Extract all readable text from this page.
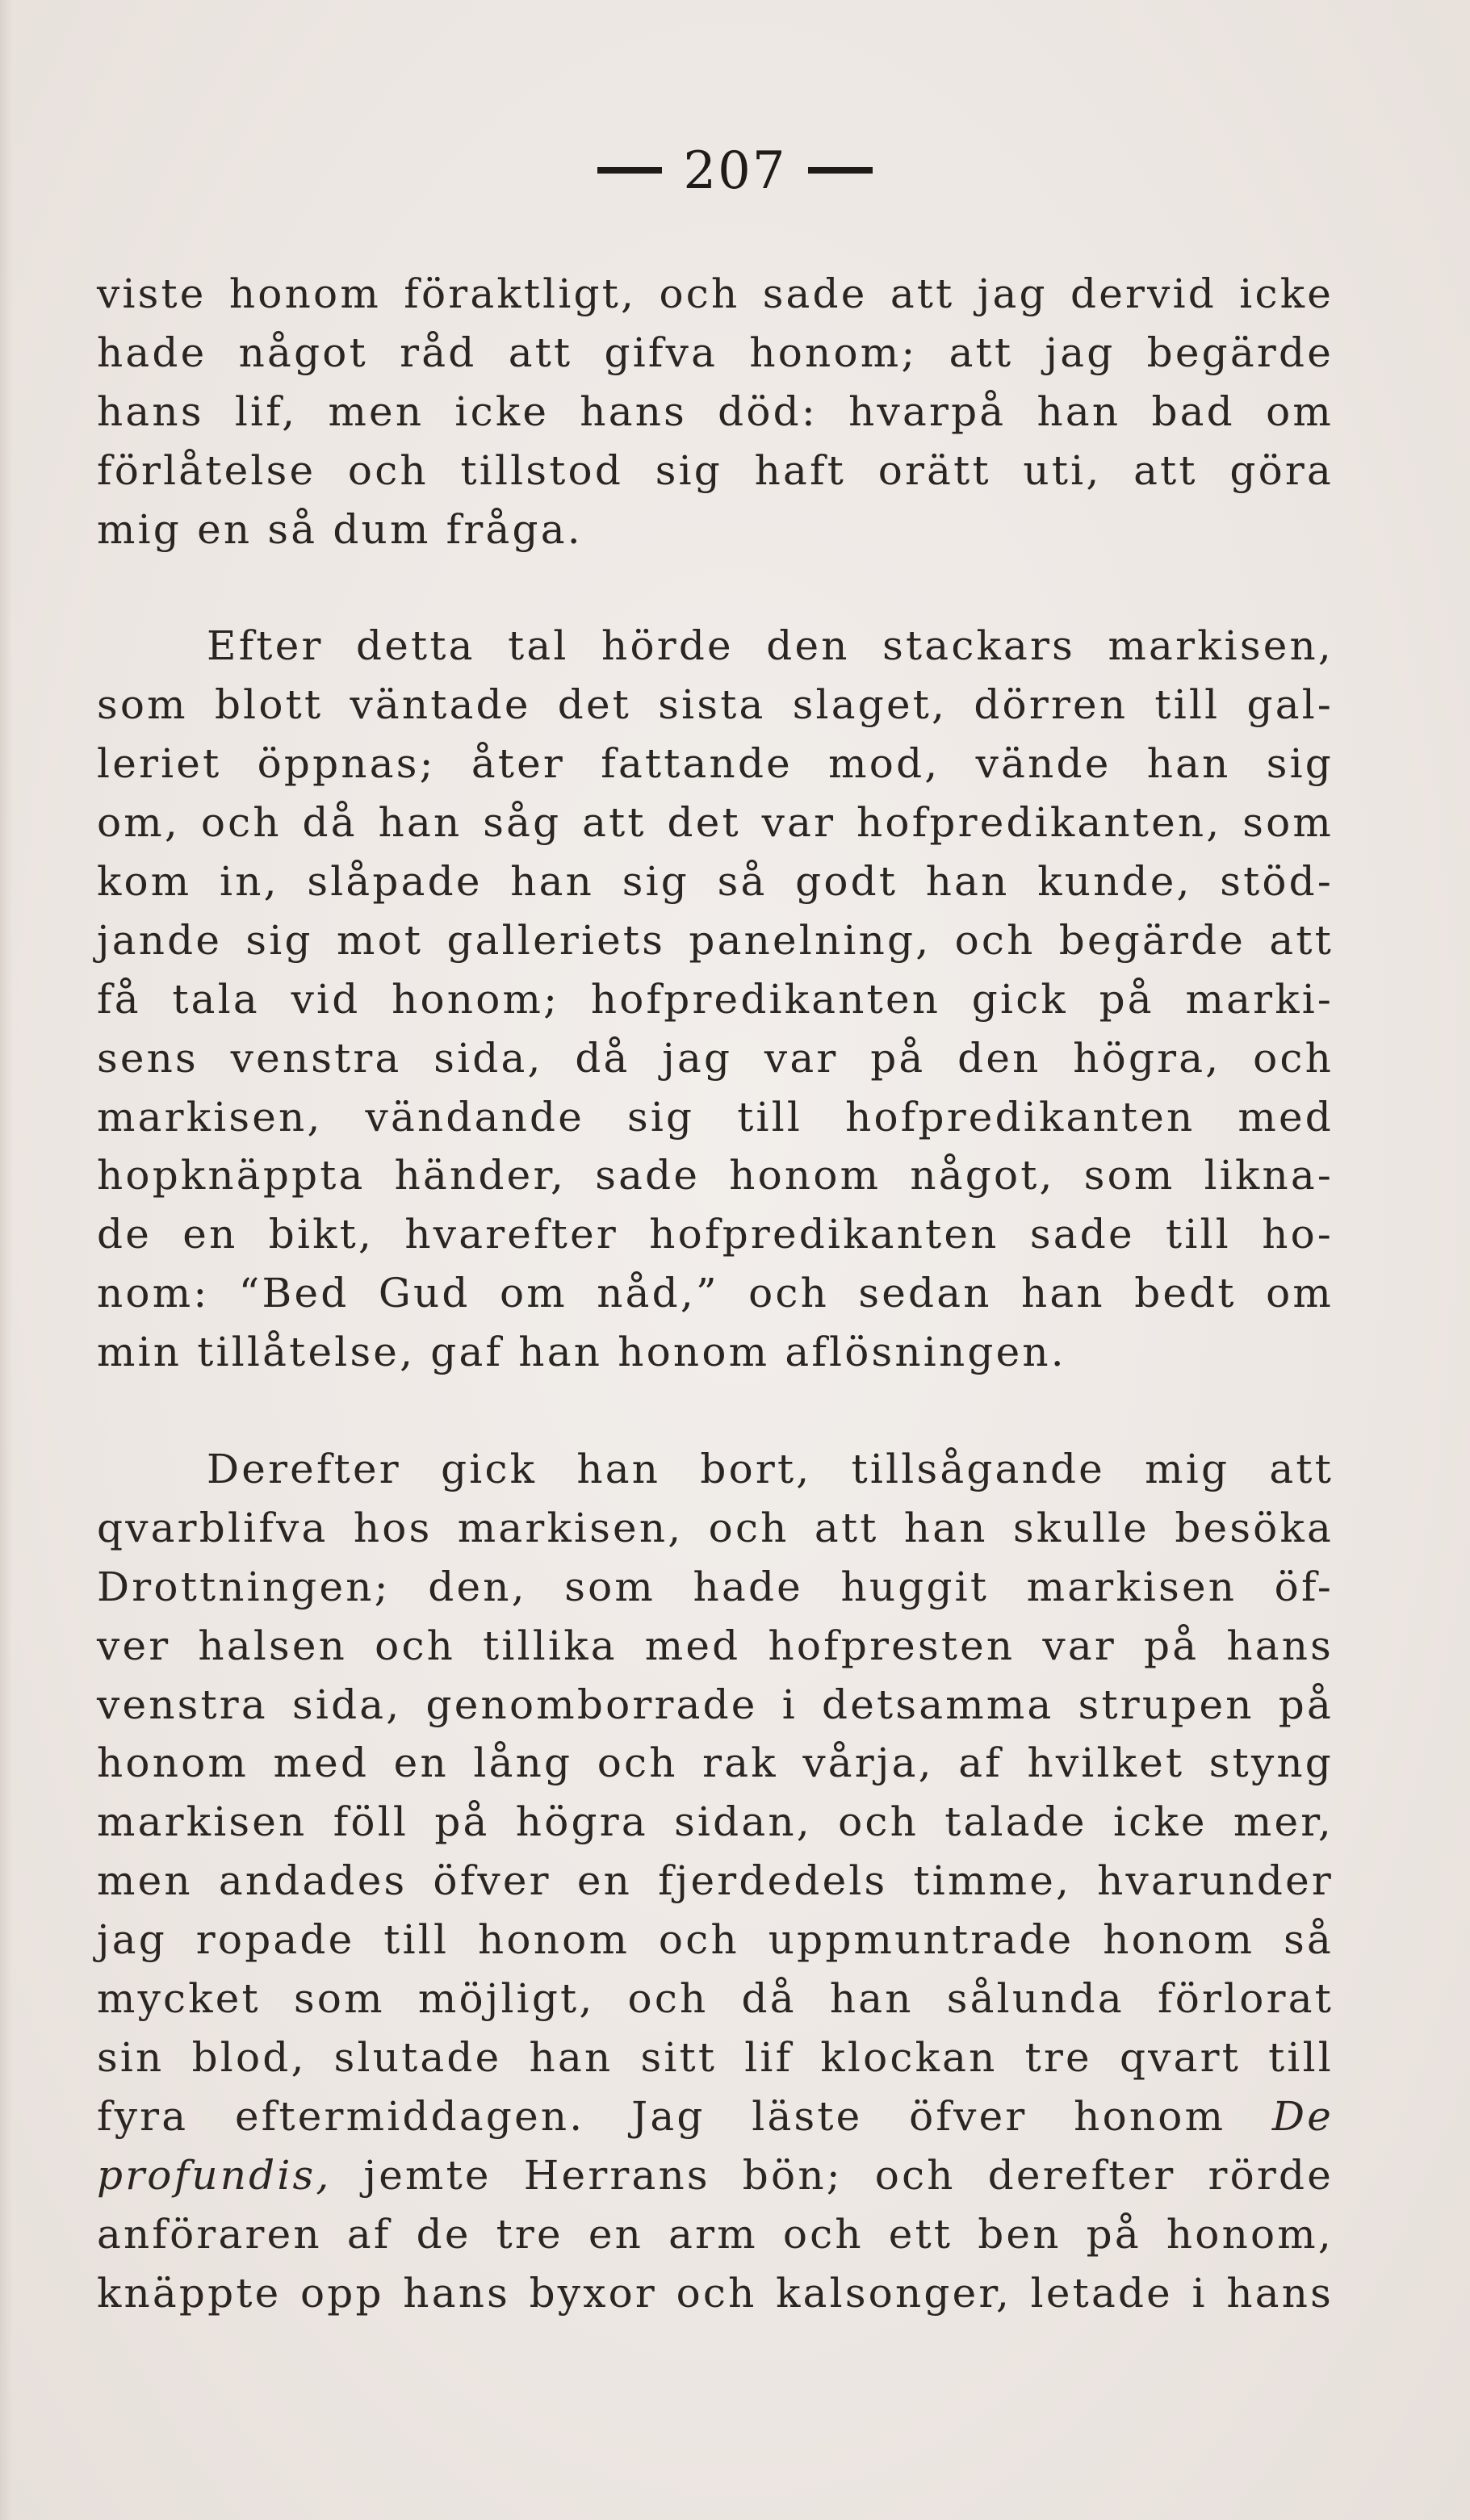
207
viste honom föraktligt, och sade att jag dervid icke
hade något råd att gifva honom; att jag begärde
hans lif, men icke hans död: hvarpå han bad om
förlåtelse och tillstod sig haft orätt uti, att göra
mig en så dum fråga.
Efter detta tal hörde den stackars markisen,
som blott väntade det sista slaget, dörren till gal-
leriet öppnas; åter fattande mod, vände han sig
om, och då han såg att det var hofpredikanten, som
kom in, slåpade han sig så godt han kunde, stöd-
jande sig mot galleriets panelning, och begärde att
få tala vid honom; hofpredikanten gick på marki-
sens venstra sida, då jag var på den högra, och
markisen, vändande sig till hofpredikanten med
hopknäppta händer, sade honom något, som likna-
de en bikt, hvarefter hofpredikanten sade till ho-
nom: “Bed Gud om nåd,” och sedan han bedt om
min tillåtelse, gaf han honom aflösningen.
Derefter gick han bort, tillsågande mig att
qvarblifva hos markisen, och att han skulle besöka
Drottningen; den, som hade huggit markisen öf-
ver halsen och tillika med hofpresten var på hans
venstra sida, genomborrade i detsamma strupen på
honom med en lång och rak vårja, af hvilket styng
markisen föll på högra sidan, och talade icke mer,
men andades öfver en fjerdedels timme, hvarunder
jag ropade till honom och uppmuntrade honom så
mycket som möjligt, och då han sålunda förlorat
sin blod, slutade han sitt lif klockan tre qvart till
fyra eftermiddagen. Jag läste öfver honom De
profundis, jemte Herrans bön; och derefter rörde
anföraren af de tre en arm och ett ben på honom,
knäppte opp hans byxor och kalsonger, letade i hans
